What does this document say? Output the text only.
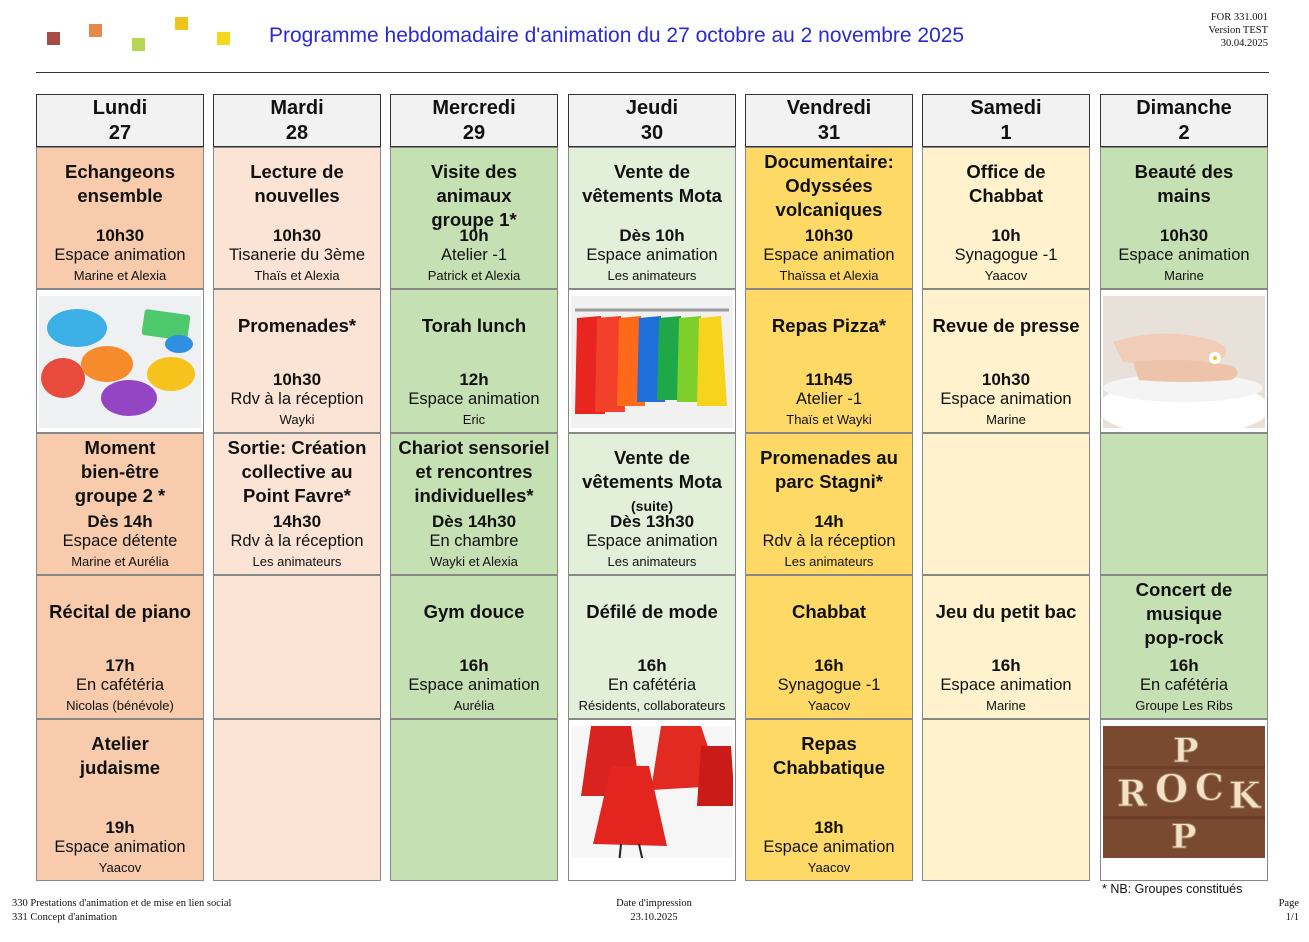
Programme hebdomadaire d'animation du 27 octobre au 2 novembre 2025
FOR 331.001
Version TEST
30.04.2025
Lundi
27
Echangeons
ensemble
10h30
Espace animation
Marine et Alexia
Moment
bien-être
groupe 2 *
Dès 14h
Espace détente
Marine et Aurélia
Récital de piano
17h
En cafétéria
Nicolas (bénévole)
Atelier
judaisme
19h
Espace animation
Yaacov
Mardi
28
Lecture de
nouvelles
10h30
Tisanerie du 3ème
Thaïs et Alexia
Promenades*
10h30
Rdv à la réception
Wayki
Sortie: Création
collective au
Point Favre*
14h30
Rdv à la réception
Les animateurs
Mercredi
29
Visite des animaux
groupe 1*
10h
Atelier -1
Patrick et Alexia
Torah lunch
12h
Espace animation
Eric
Chariot sensoriel
et rencontres
individuelles*
Dès 14h30
En chambre
Wayki et Alexia
Gym douce
16h
Espace animation
Aurélia
Jeudi
30
Vente de
vêtements Mota
Dès 10h
Espace animation
Les animateurs
Vente de
vêtements Mota
(suite)
Dès 13h30
Espace animation
Les animateurs
Défilé de mode
16h
En cafétéria
Résidents, collaborateurs
Vendredi
31
Documentaire:
Odyssées
volcaniques
10h30
Espace animation
Thaïssa et Alexia
Repas Pizza*
11h45
Atelier -1
Thaïs et Wayki
Promenades au
parc Stagni*
14h
Rdv à la réception
Les animateurs
Chabbat
16h
Synagogue -1
Yaacov
Repas
Chabbatique
18h
Espace animation
Yaacov
Samedi
1
Office de
Chabbat
10h
Synagogue -1
Yaacov
Revue de presse
10h30
Espace animation
Marine
Jeu du petit bac
16h
Espace animation
Marine
Dimanche
2
Beauté des
mains
10h30
Espace animation
Marine
Concert de
musique
pop-rock
16h
En cafétéria
Groupe Les Ribs
P
R O C K
P
* NB: Groupes constitués
330 Prestations d'animation et de mise en lien social
331 Concept d'animation
Date d'impression
23.10.2025
Page
1/1
